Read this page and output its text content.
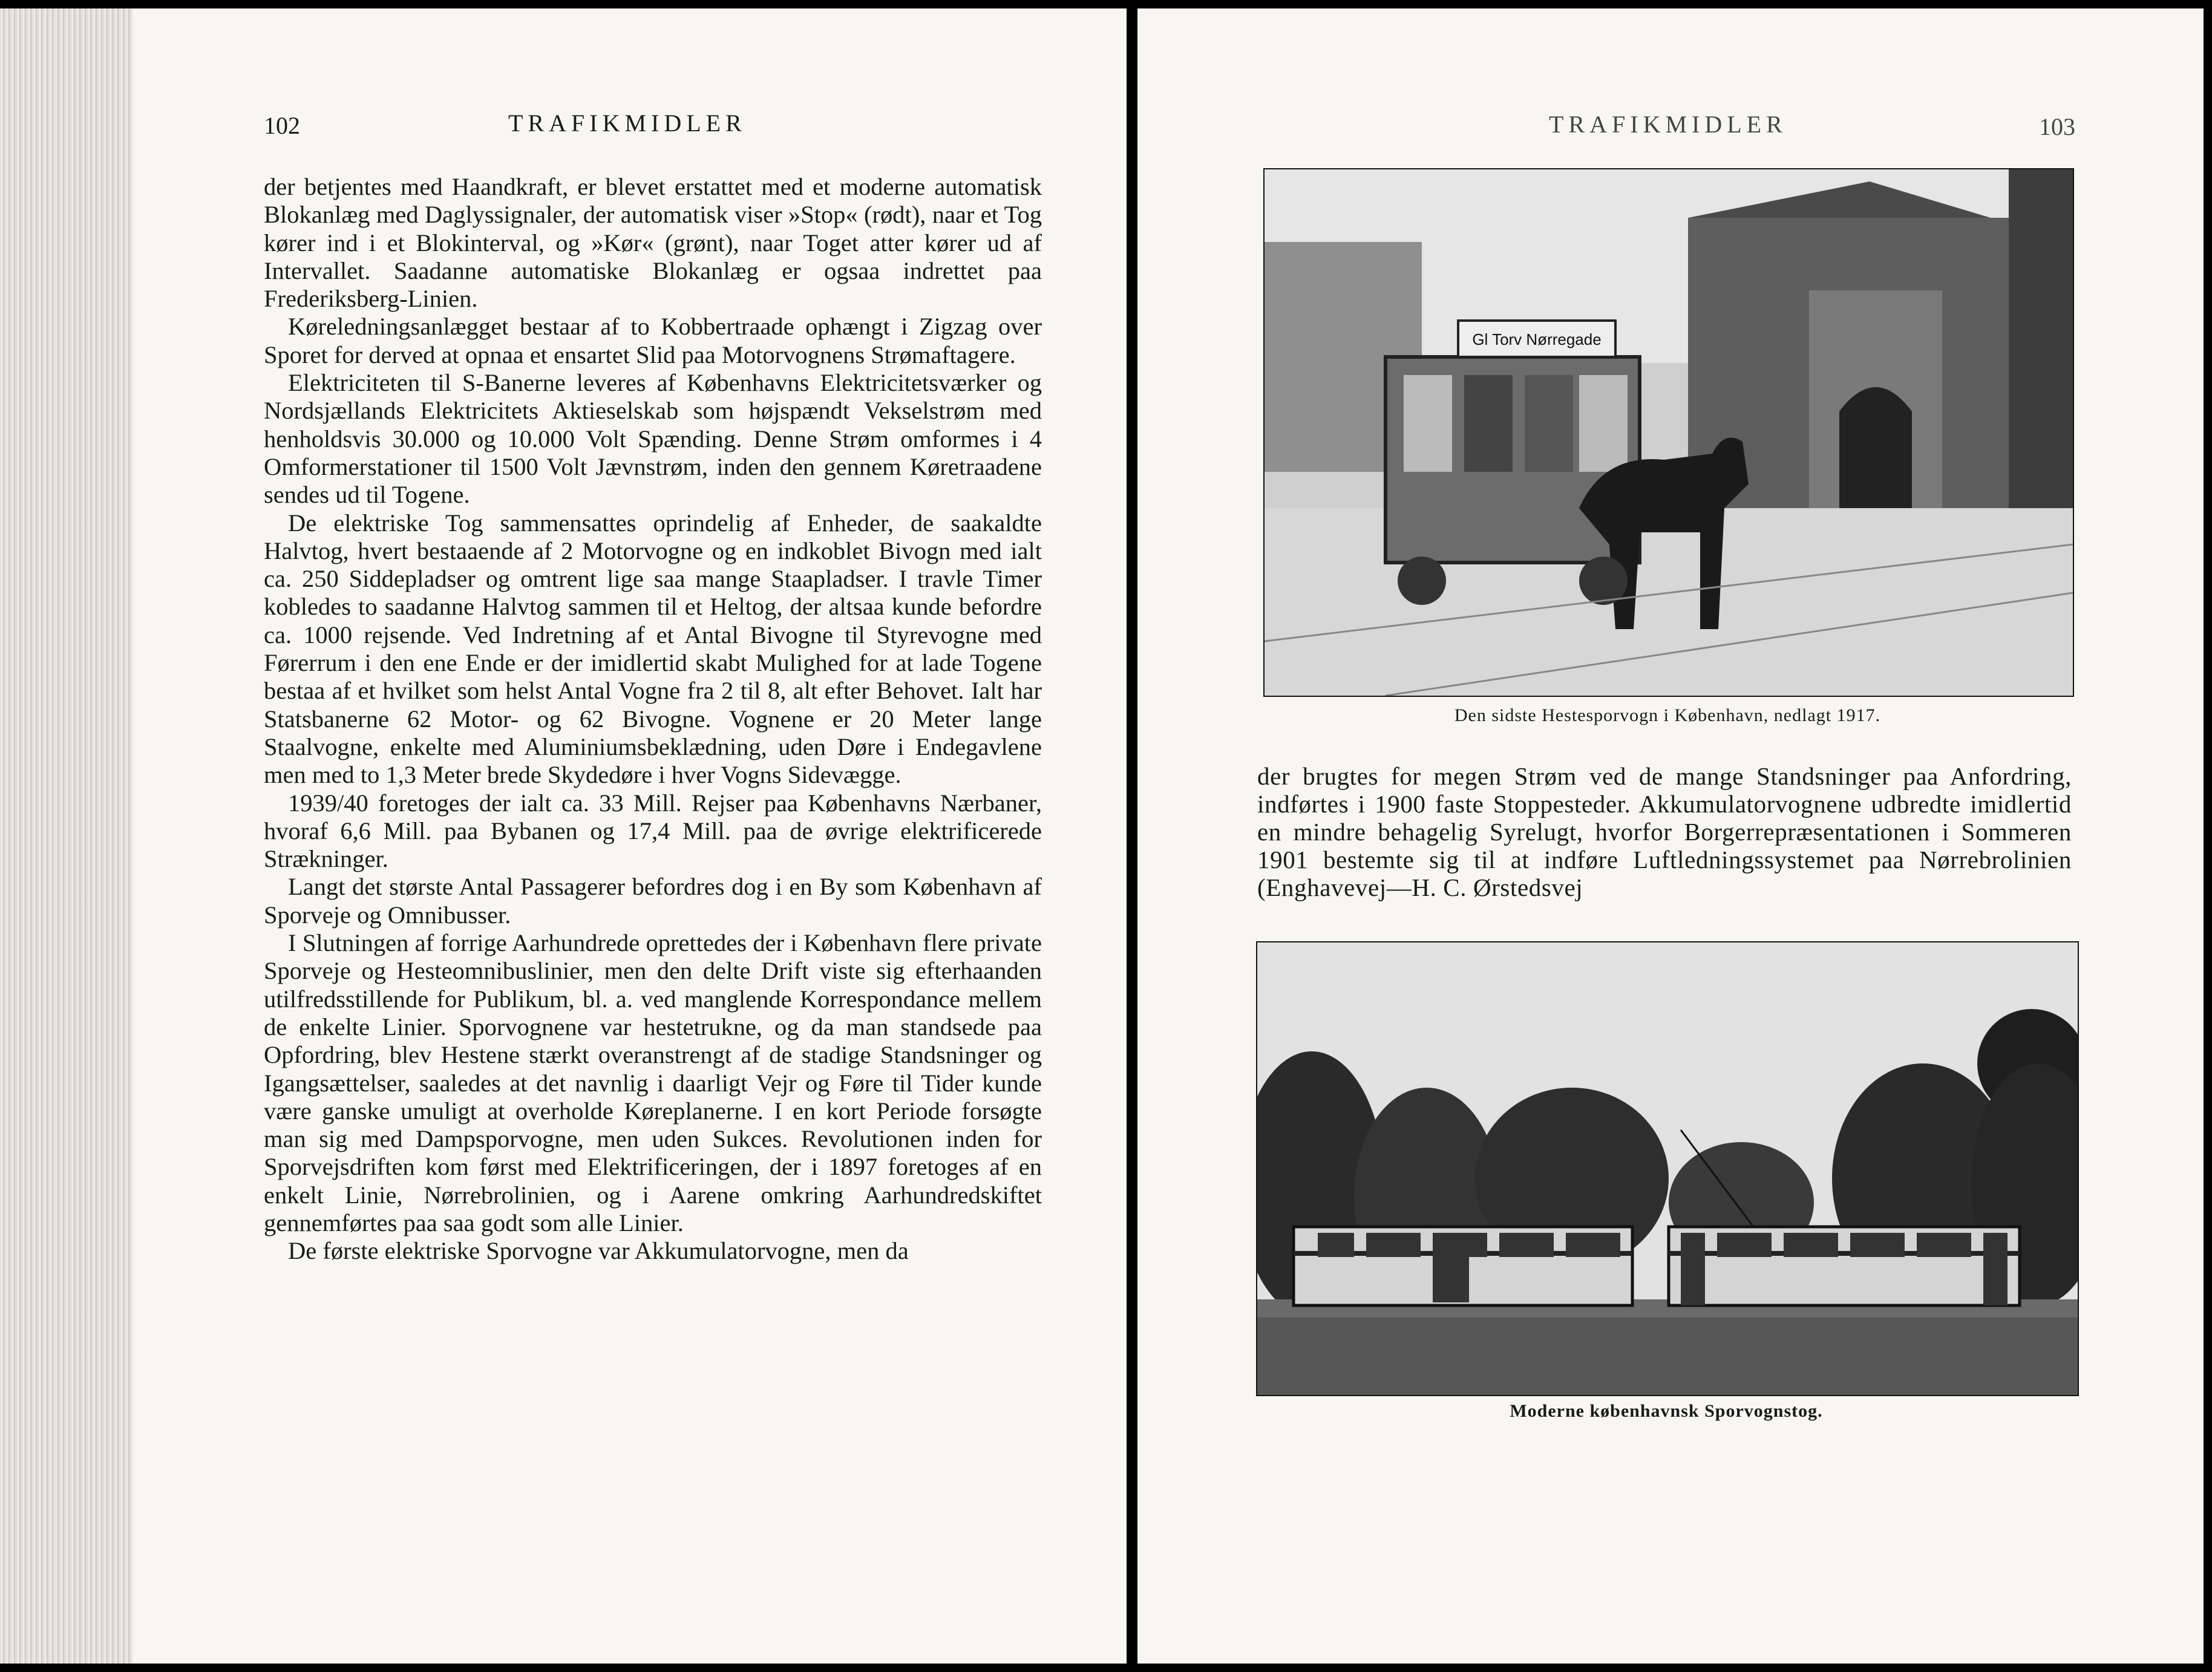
102	TRAFIKMIDLER

der betjentes med Haandkraft, er blevet erstattet med et moderne automatisk Blokanlæg med Daglyssignaler, der automatisk viser »Stop« (rødt), naar et Tog kører ind i et Blokinterval, og »Kør« (grønt), naar Toget atter kører ud af Intervallet. Saadanne automatiske Blokanlæg er ogsaa indrettet paa Frederiksberg-Linien.

Køreledningsanlægget bestaar af to Kobbertraade ophængt i Zigzag over Sporet for derved at opnaa et ensartet Slid paa Motorvognens Strømaftagere.

Elektriciteten til S-Banerne leveres af Københavns Elektricitetsværker og Nordsjællands Elektricitets Aktieselskab som højspændt Vekselstrøm med henholdsvis 30.000 og 10.000 Volt Spænding. Denne Strøm omformes i 4 Omformerstationer til 1500 Volt Jævnstrøm, inden den gennem Køretraadene sendes ud til Togene.

De elektriske Tog sammensattes oprindelig af Enheder, de saakaldte Halvtog, hvert bestaaende af 2 Motorvogne og en indkoblet Bivogn med ialt ca. 250 Siddepladser og omtrent lige saa mange Staapladser. I travle Timer kobledes to saadanne Halvtog sammen til et Heltog, der altsaa kunde befordre ca. 1000 rejsende. Ved Indretning af et Antal Bivogne til Styrevogne med Førerrum i den ene Ende er der imidlertid skabt Mulighed for at lade Togene bestaa af et hvilket som helst Antal Vogne fra 2 til 8, alt efter Behovet. Ialt har Statsbanerne 62 Motor- og 62 Bivogne. Vognene er 20 Meter lange Staalvogne, enkelte med Aluminiumsbeklædning, uden Døre i Endegavlene men med to 1,3 Meter brede Skydedøre i hver Vogns Sidevægge.

1939/40 foretoges der ialt ca. 33 Mill. Rejser paa Københavns Nærbaner, hvoraf 6,6 Mill. paa Bybanen og 17,4 Mill. paa de øvrige elektrificerede Strækninger.

Langt det største Antal Passagerer befordres dog i en By som København af Sporveje og Omnibusser.

I Slutningen af forrige Aarhundrede oprettedes der i København flere private Sporveje og Hesteomnibuslinier, men den delte Drift viste sig efterhaanden utilfredsstillende for Publikum, bl. a. ved manglende Korrespondance mellem de enkelte Linier. Sporvognene var hestetrukne, og da man standsede paa Opfordring, blev Hestene stærkt overanstrengt af de stadige Standsninger og Igangsættelser, saaledes at det navnlig i daarligt Vejr og Føre til Tider kunde være ganske umuligt at overholde Køreplanerne. I en kort Periode forsøgte man sig med Dampsporvogne, men uden Sukces. Revolutionen inden for Sporvejsdriften kom først med Elektrificeringen, der i 1897 foretoges af en enkelt Linie, Nørrebrolinien, og i Aarene omkring Aarhundredskiftet gennemførtes paa saa godt som alle Linier.

De første elektriske Sporvogne var Akkumulatorvogne, men da

TRAFIKMIDLER	103
Gl Torv Nørregade
Den sidste Hestesporvogn i København, nedlagt 1917.
der brugtes for megen Strøm ved de mange Standsninger paa Anfordring, indførtes i 1900 faste Stoppesteder. Akkumulatorvognene udbredte imidlertid en mindre behagelig Syrelugt, hvorfor Borgerrepræsentationen i Sommeren 1901 bestemte sig til at indføre Luftledningssystemet paa Nørrebrolinien (Enghavevej—H. C. Ørstedsvej
Moderne københavnsk Sporvognstog.
